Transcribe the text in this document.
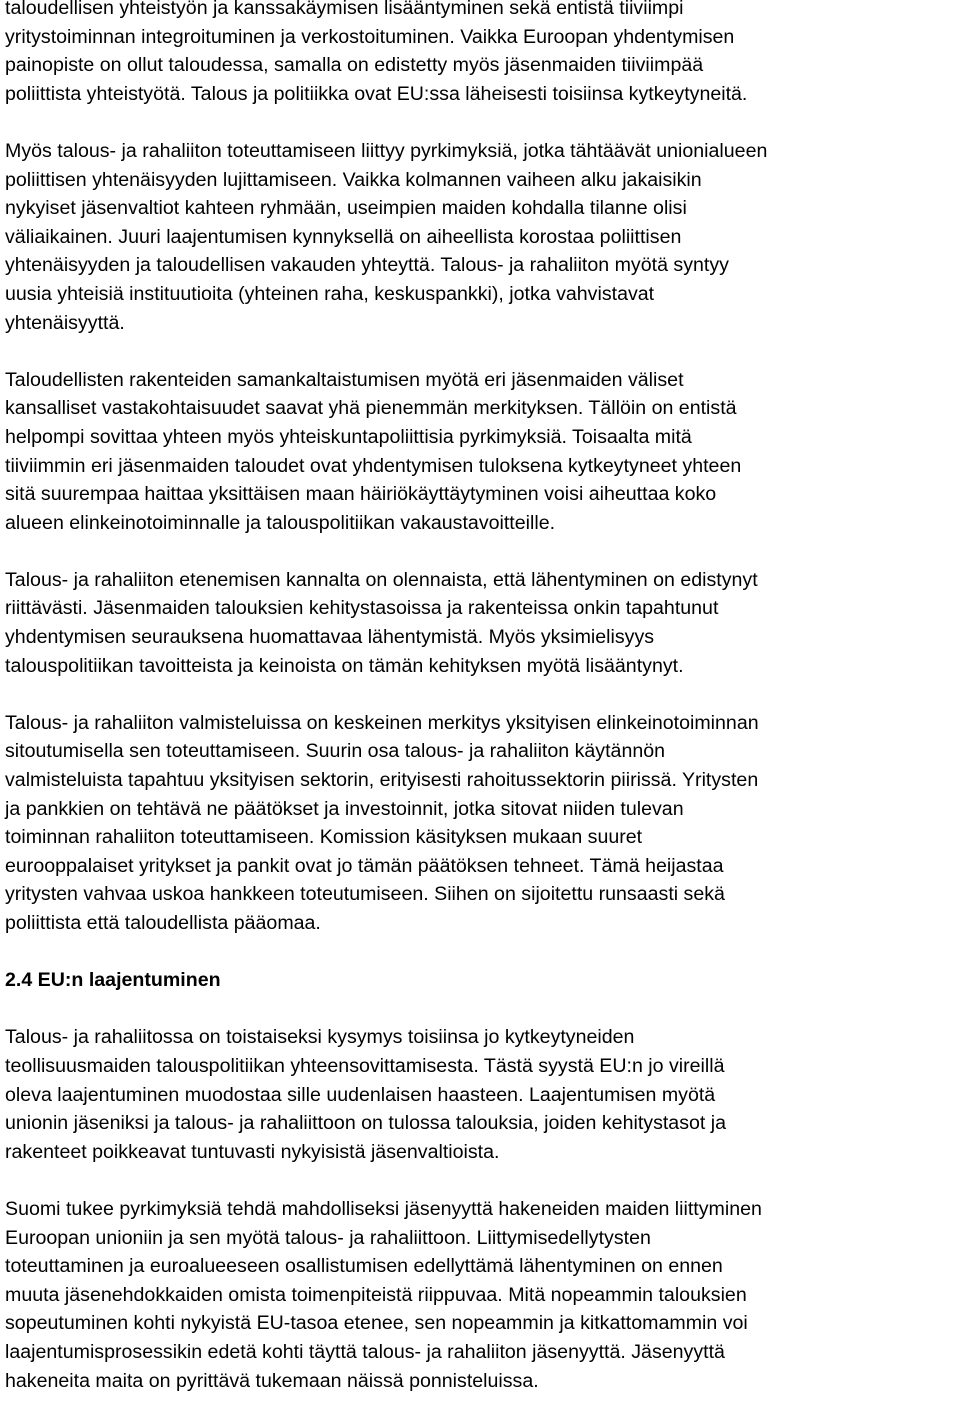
taloudellisen yhteistyön ja kanssakäymisen lisääntyminen sekä entistä tiiviimpi
yritystoiminnan integroituminen ja verkostoituminen. Vaikka Euroopan yhdentymisen
painopiste on ollut taloudessa, samalla on edistetty myös jäsenmaiden tiiviimpää
poliittista yhteistyötä. Talous ja politiikka ovat EU:ssa läheisesti toisiinsa kytkeytyneitä.
Myös talous- ja rahaliiton toteuttamiseen liittyy pyrkimyksiä, jotka tähtäävät unionialueen
poliittisen yhtenäisyyden lujittamiseen. Vaikka kolmannen vaiheen alku jakaisikin
nykyiset jäsenvaltiot kahteen ryhmään, useimpien maiden kohdalla tilanne olisi
väliaikainen. Juuri laajentumisen kynnyksellä on aiheellista korostaa poliittisen
yhtenäisyyden ja taloudellisen vakauden yhteyttä. Talous- ja rahaliiton myötä syntyy
uusia yhteisiä instituutioita (yhteinen raha, keskuspankki), jotka vahvistavat
yhtenäisyyttä.
Taloudellisten rakenteiden samankaltaistumisen myötä eri jäsenmaiden väliset
kansalliset vastakohtaisuudet saavat yhä pienemmän merkityksen. Tällöin on entistä
helpompi sovittaa yhteen myös yhteiskuntapoliittisia pyrkimyksiä. Toisaalta mitä
tiiviimmin eri jäsenmaiden taloudet ovat yhdentymisen tuloksena kytkeytyneet yhteen
sitä suurempaa haittaa yksittäisen maan häiriökäyttäytyminen voisi aiheuttaa koko
alueen elinkeinotoiminnalle ja talouspolitiikan vakaustavoitteille.
Talous- ja rahaliiton etenemisen kannalta on olennaista, että lähentyminen on edistynyt
riittävästi. Jäsenmaiden talouksien kehitystasoissa ja rakenteissa onkin tapahtunut
yhdentymisen seurauksena huomattavaa lähentymistä. Myös yksimielisyys
talouspolitiikan tavoitteista ja keinoista on tämän kehityksen myötä lisääntynyt.
Talous- ja rahaliiton valmisteluissa on keskeinen merkitys yksityisen elinkeinotoiminnan
sitoutumisella sen toteuttamiseen. Suurin osa talous- ja rahaliiton käytännön
valmisteluista tapahtuu yksityisen sektorin, erityisesti rahoitussektorin piirissä. Yritysten
ja pankkien on tehtävä ne päätökset ja investoinnit, jotka sitovat niiden tulevan
toiminnan rahaliiton toteuttamiseen. Komission käsityksen mukaan suuret
eurooppalaiset yritykset ja pankit ovat jo tämän päätöksen tehneet. Tämä heijastaa
yritysten vahvaa uskoa hankkeen toteutumiseen. Siihen on sijoitettu runsaasti sekä
poliittista että taloudellista pääomaa.
2.4 EU:n laajentuminen
Talous- ja rahaliitossa on toistaiseksi kysymys toisiinsa jo kytkeytyneiden
teollisuusmaiden talouspolitiikan yhteensovittamisesta. Tästä syystä EU:n jo vireillä
oleva laajentuminen muodostaa sille uudenlaisen haasteen. Laajentumisen myötä
unionin jäseniksi ja talous- ja rahaliittoon on tulossa talouksia, joiden kehitystasot ja
rakenteet poikkeavat tuntuvasti nykyisistä jäsenvaltioista.
Suomi tukee pyrkimyksiä tehdä mahdolliseksi jäsenyyttä hakeneiden maiden liittyminen
Euroopan unioniin ja sen myötä talous- ja rahaliittoon. Liittymisedellytysten
toteuttaminen ja euroalueeseen osallistumisen edellyttämä lähentyminen on ennen
muuta jäsenehdokkaiden omista toimenpiteistä riippuvaa. Mitä nopeammin talouksien
sopeutuminen kohti nykyistä EU-tasoa etenee, sen nopeammin ja kitkattomammin voi
laajentumisprosessikin edetä kohti täyttä talous- ja rahaliiton jäsenyyttä. Jäsenyyttä
hakeneita maita on pyrittävä tukemaan näissä ponnisteluissa.
